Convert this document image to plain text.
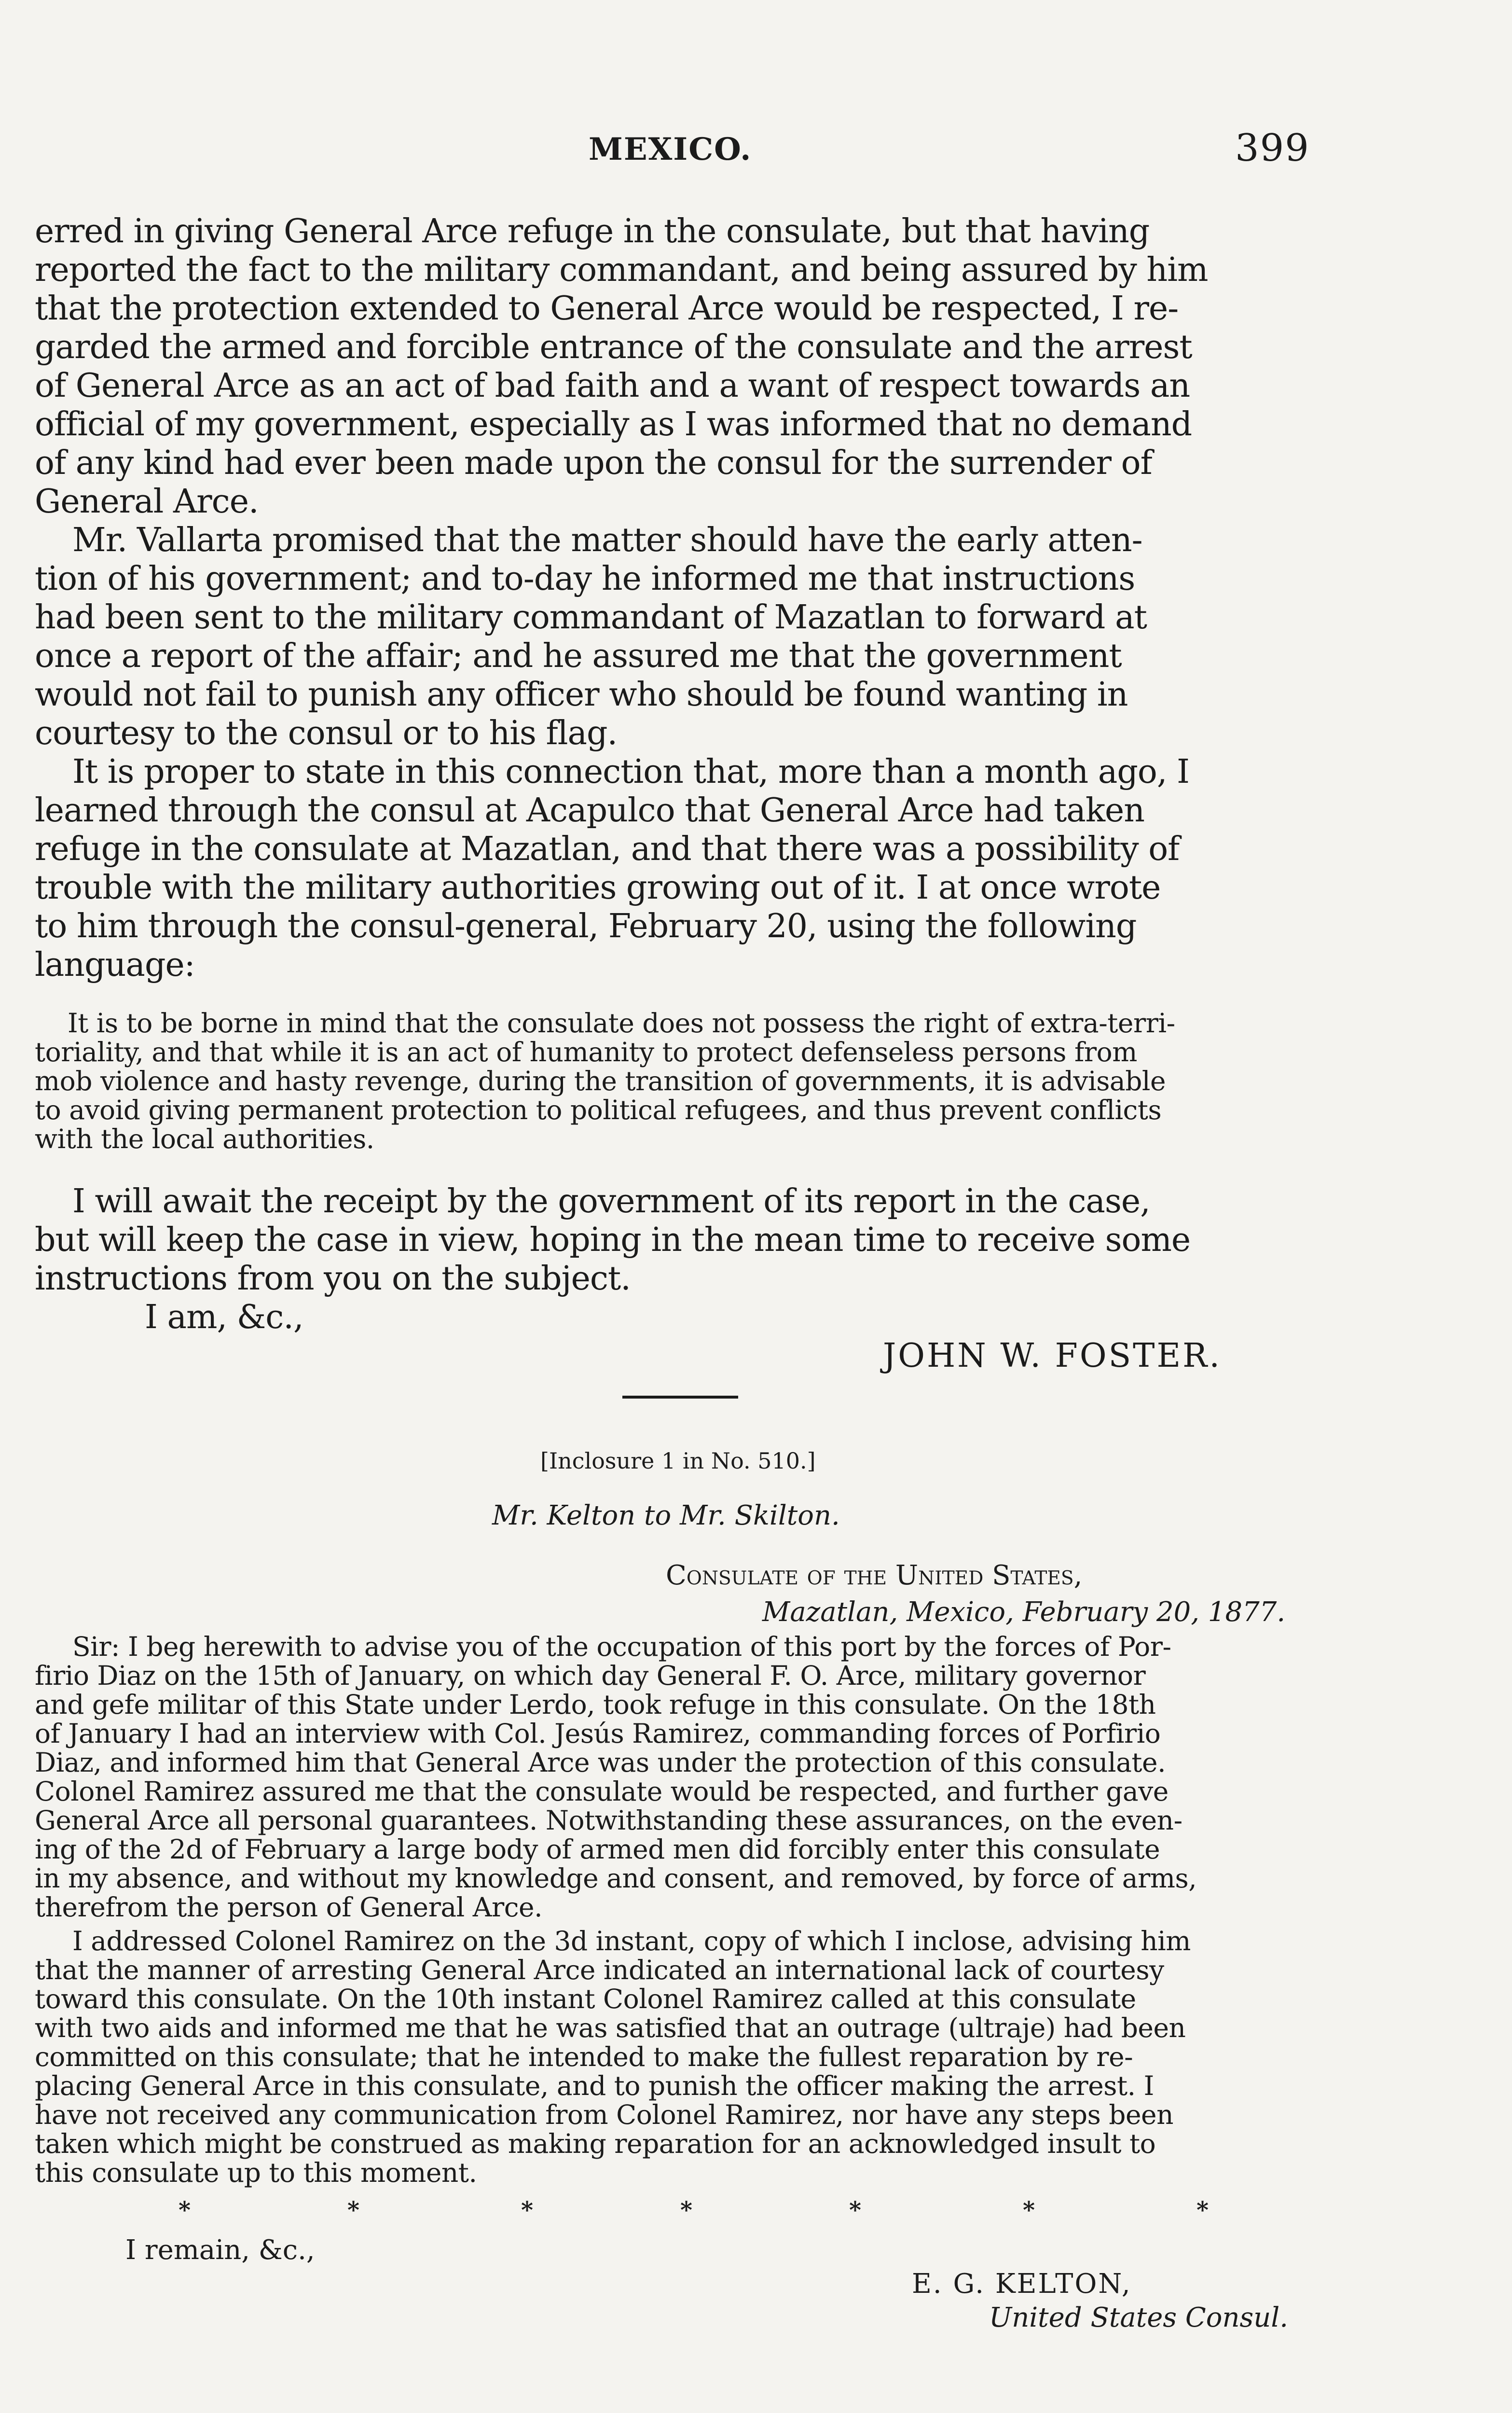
MEXICO.	399
erred in giving General Arce refuge in the consulate, but that having
reported the fact to the military commandant, and being assured by him
that the protection extended to General Arce would be respected, I re-
garded the armed and forcible entrance of the consulate and the arrest
of General Arce as an act of bad faith and a want of respect towards an
official of my government, especially as I was informed that no demand
of any kind had ever been made upon the consul for the surrender of
General Arce.
Mr. Vallarta promised that the matter should have the early atten-
tion of his government; and to-day he informed me that instructions
had been sent to the military commandant of Mazatlan to forward at
once a report of the affair; and he assured me that the government
would not fail to punish any officer who should be found wanting in
courtesy to the consul or to his flag.
It is proper to state in this connection that, more than a month ago, I
learned through the consul at Acapulco that General Arce had taken
refuge in the consulate at Mazatlan, and that there was a possibility of
trouble with the military authorities growing out of it. I at once wrote
to him through the consul-general, February 20, using the following
language:
It is to be borne in mind that the consulate does not possess the right of extra-terri-
toriality, and that while it is an act of humanity to protect defenseless persons from
mob violence and hasty revenge, during the transition of governments, it is advisable
to avoid giving permanent protection to political refugees, and thus prevent conflicts
with the local authorities.
I will await the receipt by the government of its report in the case,
but will keep the case in view, hoping in the mean time to receive some
instructions from you on the subject.
I am, &c.,
JOHN W. FOSTER.
[Inclosure 1 in No. 510.]
Mr. Kelton to Mr. Skilton.
Consulate of the United States,
Mazatlan, Mexico, February 20, 1877.
Sir: I beg herewith to advise you of the occupation of this port by the forces of Por-
firio Diaz on the 15th of January, on which day General F. O. Arce, military governor
and gefe militar of this State under Lerdo, took refuge in this consulate. On the 18th
of January I had an interview with Col. Jesús Ramirez, commanding forces of Porfirio
Diaz, and informed him that General Arce was under the protection of this consulate.
Colonel Ramirez assured me that the consulate would be respected, and further gave
General Arce all personal guarantees. Notwithstanding these assurances, on the even-
ing of the 2d of February a large body of armed men did forcibly enter this consulate
in my absence, and without my knowledge and consent, and removed, by force of arms,
therefrom the person of General Arce.
I addressed Colonel Ramirez on the 3d instant, copy of which I inclose, advising him
that the manner of arresting General Arce indicated an international lack of courtesy
toward this consulate. On the 10th instant Colonel Ramirez called at this consulate
with two aids and informed me that he was satisfied that an outrage (ultraje) had been
committed on this consulate; that he intended to make the fullest reparation by re-
placing General Arce in this consulate, and to punish the officer making the arrest. I
have not received any communication from Colonel Ramirez, nor have any steps been
taken which might be construed as making reparation for an acknowledged insult to
this consulate up to this moment.
*	*	*	*	*	*	*
I remain, &c.,
E. G. KELTON,
United States Consul.
